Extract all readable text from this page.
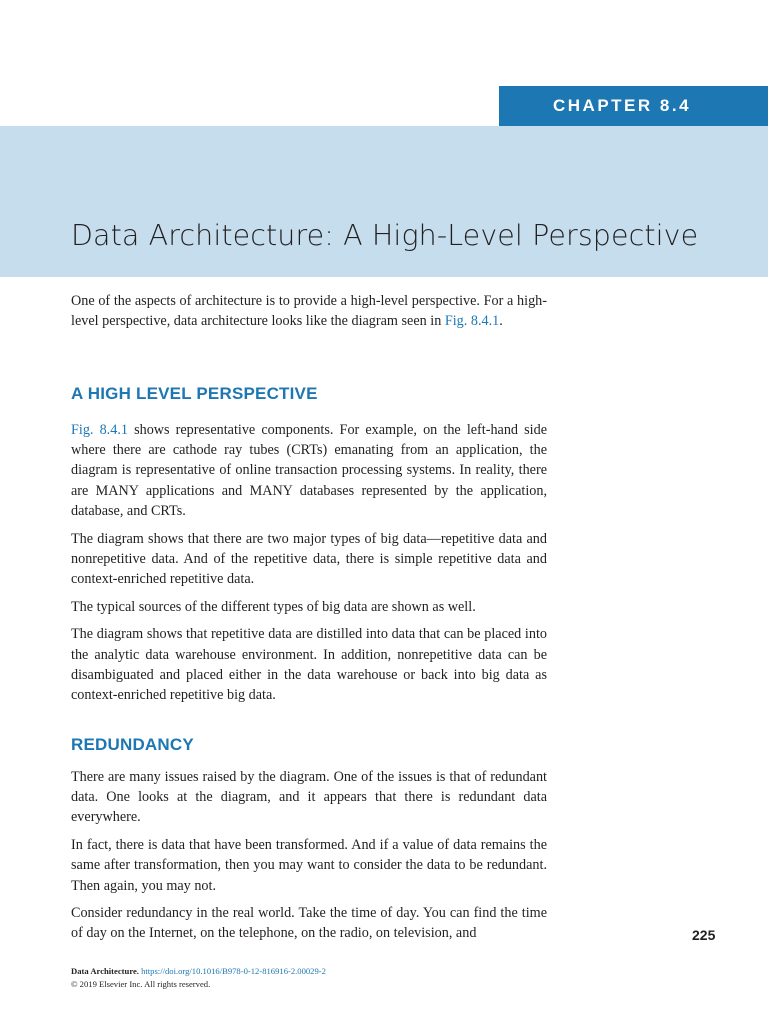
CHAPTER 8.4
Data Architecture: A High-Level Perspective

One of the aspects of architecture is to provide a high-level perspective. For a high-level perspective, data architecture looks like the diagram seen in Fig. 8.4.1.

A HIGH LEVEL PERSPECTIVE

Fig. 8.4.1 shows representative components. For example, on the left-hand side where there are cathode ray tubes (CRTs) emanating from an application, the diagram is representative of online transaction processing systems. In reality, there are MANY applications and MANY databases represented by the application, database, and CRTs.

The diagram shows that there are two major types of big data—repetitive data and nonrepetitive data. And of the repetitive data, there is simple repetitive data and context-enriched repetitive data.

The typical sources of the different types of big data are shown as well.

The diagram shows that repetitive data are distilled into data that can be placed into the analytic data warehouse environment. In addition, nonrepetitive data can be disambiguated and placed either in the data warehouse or back into big data as context-enriched repetitive big data.

REDUNDANCY

There are many issues raised by the diagram. One of the issues is that of redundant data. One looks at the diagram, and it appears that there is redundant data everywhere.

In fact, there is data that have been transformed. And if a value of data remains the same after transformation, then you may want to consider the data to be redundant. Then again, you may not.

Consider redundancy in the real world. Take the time of day. You can find the time of day on the Internet, on the telephone, on the radio, on television, and	225

Data Architecture. https://doi.org/10.1016/B978-0-12-816916-2.00029-2
© 2019 Elsevier Inc. All rights reserved.
